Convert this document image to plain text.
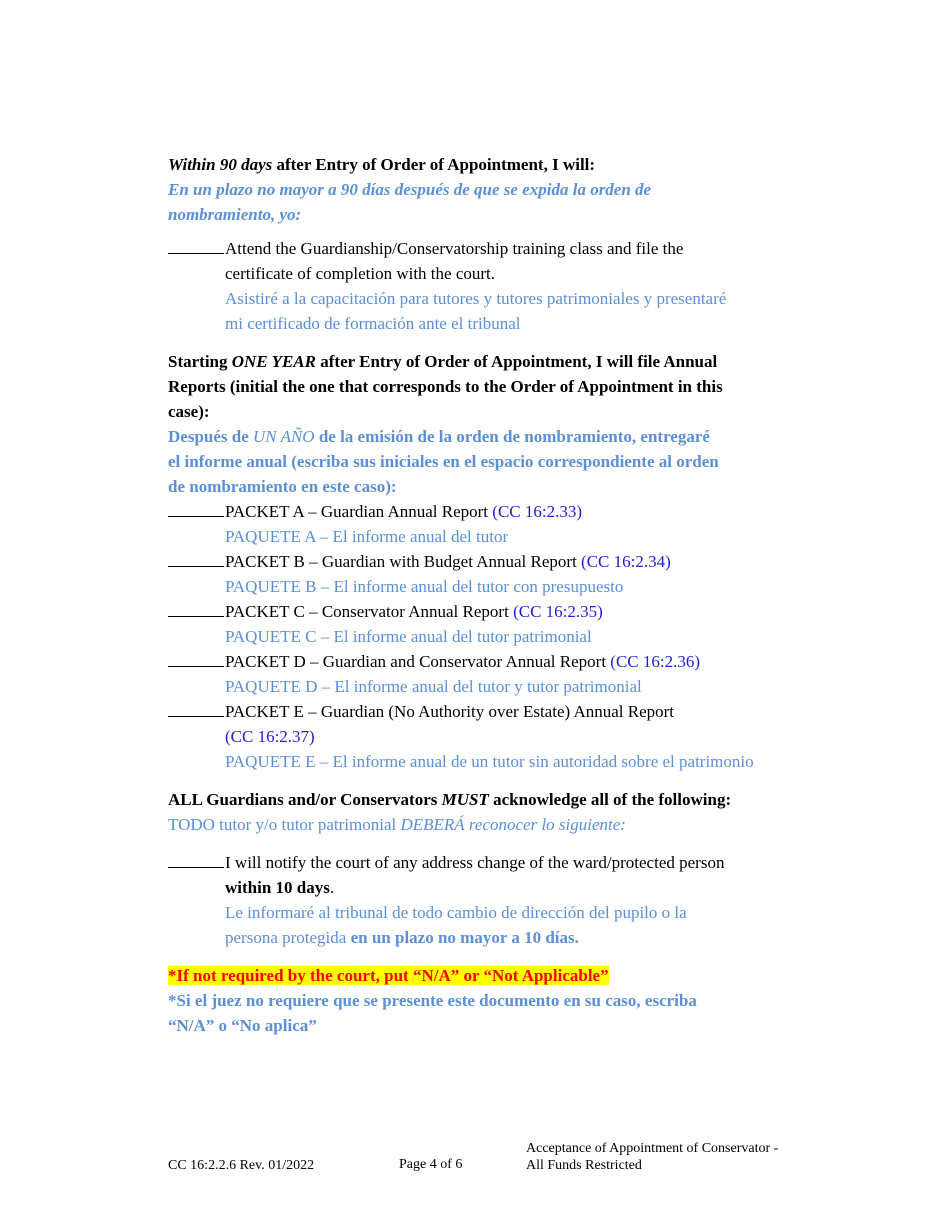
Within 90 days after Entry of Order of Appointment, I will:
En un plazo no mayor a 90 días después de que se expida la orden de
nombramiento, yo:
Attend the Guardianship/Conservatorship training class and file the
certificate of completion with the court.
Asistiré a la capacitación para tutores y tutores patrimoniales y presentaré
mi certificado de formación ante el tribunal
Starting ONE YEAR after Entry of Order of Appointment, I will file Annual
Reports (initial the one that corresponds to the Order of Appointment in this
case):
Después de UN AÑO de la emisión de la orden de nombramiento, entregaré
el informe anual (escriba sus iniciales en el espacio correspondiente al orden
de nombramiento en este caso):
PACKET A – Guardian Annual Report (CC 16:2.33)
PAQUETE A – El informe anual del tutor
PACKET B – Guardian with Budget Annual Report (CC 16:2.34)
PAQUETE B – El informe anual del tutor con presupuesto
PACKET C – Conservator Annual Report (CC 16:2.35)
PAQUETE C – El informe anual del tutor patrimonial
PACKET D – Guardian and Conservator Annual Report (CC 16:2.36)
PAQUETE D – El informe anual del tutor y tutor patrimonial
PACKET E – Guardian (No Authority over Estate) Annual Report
(CC 16:2.37)
PAQUETE E – El informe anual de un tutor sin autoridad sobre el patrimonio
ALL Guardians and/or Conservators MUST acknowledge all of the following:
TODO tutor y/o tutor patrimonial DEBERÁ reconocer lo siguiente:
I will notify the court of any address change of the ward/protected person
within 10 days.
Le informaré al tribunal de todo cambio de dirección del pupilo o la
persona protegida en un plazo no mayor a 10 días.
*If not required by the court, put “N/A” or “Not Applicable”
*Si el juez no requiere que se presente este documento en su caso, escriba
“N/A” o “No aplica”
CC 16:2.2.6 Rev. 01/2022	Page 4 of 6
Acceptance of Appointment of Conservator -
All Funds Restricted
